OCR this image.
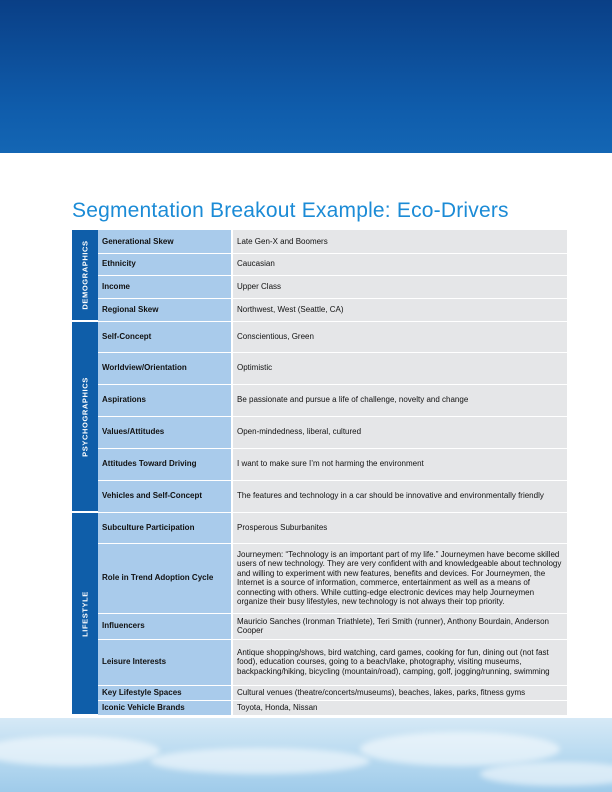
Segmentation Breakout Example: Eco-Drivers
DEMOGRAPHICS	Generational Skew	Late Gen-X and Boomers
	Ethnicity	Caucasian
	Income	Upper Class
	Regional Skew	Northwest, West (Seattle, CA)

PSYCHOGRAPHICS	Self-Concept	Conscientious, Green
	Worldview/Orientation	Optimistic
	Aspirations	Be passionate and pursue a life of challenge, novelty and change
	Values/Attitudes	Open-mindedness, liberal, cultured
	Attitudes Toward Driving	I want to make sure I’m not harming the environment
	Vehicles and Self-Concept	The features and technology in a car should be innovative and environmentally friendly

LIFESTYLE	Subculture Participation	Prosperous Suburbanites
	Role in Trend Adoption Cycle	Journeymen: “Technology is an important part of my life.” Journeymen have become skilled users of new technology. They are very confident with and knowledgeable about technology and willing to experiment with new features, benefits and devices. For Journeymen, the Internet is a source of information, commerce, entertainment as well as a means of connecting with others. While cutting-edge electronic devices may help Journeymen organize their busy lifestyles, new technology is not always their top priority.
	Influencers	Mauricio Sanches (Ironman Triathlete), Teri Smith (runner), Anthony Bourdain, Anderson Cooper
	Leisure Interests	Antique shopping/shows, bird watching, card games, cooking for fun, dining out (not fast food), education courses, going to a beach/lake, photography, visiting museums, backpacking/hiking, bicycling (mountain/road), camping, golf, jogging/running, swimming
	Key Lifestyle Spaces	Cultural venues (theatre/concerts/museums), beaches, lakes, parks, fitness gyms
	Iconic Vehicle Brands	Toyota, Honda, Nissan
